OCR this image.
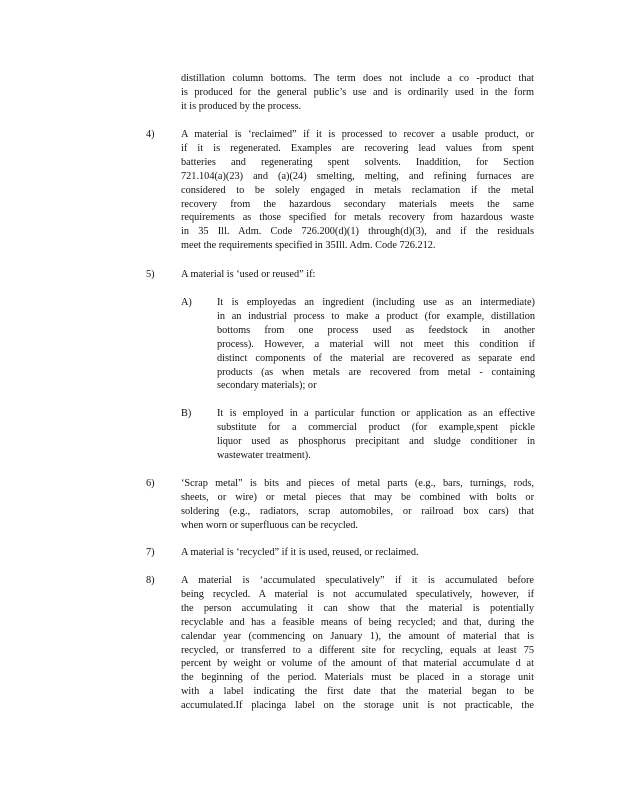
distillation column bottoms. The term does not include a co -product that

is produced for the general public’s use and is ordinarily used in the form

it is produced by the process.

4)	A material is ‘reclaimed” if it is processed to recover a usable product, or

if it is regenerated. Examples are recovering lead values from spent

batteries and regenerating spent solvents. Inaddition, for Section

721.104(a)(23) and (a)(24) smelting, melting, and refining furnaces are

considered to be solely engaged in metals reclamation if the metal

recovery from the hazardous secondary materials meets the same

requirements as those specified for metals recovery from hazardous waste

in 35 Ill. Adm. Code 726.200(d)(1) through(d)(3), and if the residuals

meet the requirements specified in 35Ill. Adm. Code 726.212.

5)	A material is ‘used or reused” if:

A) It is employedas an ingredient (including use as an intermediate)

in an industrial process to make a product (for example, distillation

bottoms from one process used as feedstock in another

process). However, a material will not meet this condition if

distinct components of the material are recovered as separate end

products (as when metals are recovered from metal - containing

secondary materials); or

B) It is employed in a particular function or application as an effective

substitute for a commercial product (for example,spent pickle

liquor used as phosphorus precipitant and sludge conditioner in

wastewater treatment).

6)	‘Scrap metal” is bits and pieces of metal parts (e.g., bars, turnings, rods,

sheets, or wire) or metal pieces that may be combined with bolts or

soldering (e.g., radiators, scrap automobiles, or railroad box cars) that

when worn or superfluous can be recycled.

7)	A material is ‘recycled” if it is used, reused, or reclaimed.

8)	A material is ‘accumulated speculatively” if it is accumulated before

being recycled. A material is not accumulated speculatively, however, if

the person accumulating it can show that the material is potentially

recyclable and has a feasible means of being recycled; and that, during the

calendar year (commencing on January 1), the amount of material that is

recycled, or transferred to a different site for recycling, equals at least 75

percent by weight or volume of the amount of that material accumulate d at

the beginning of the period. Materials must be placed in a storage unit

with a label indicating the first date that the material began to be

accumulated.If placinga label on the storage unit is not practicable, the
